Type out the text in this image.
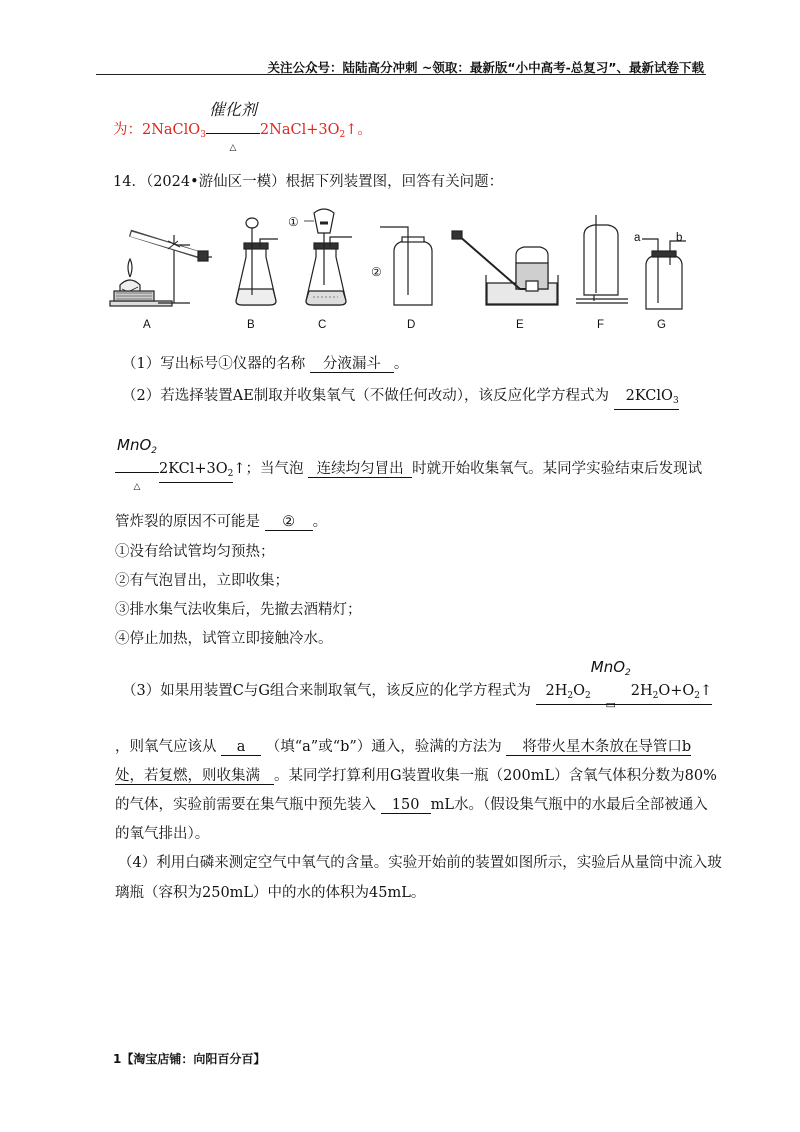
关注公众号：陆陆高分冲刺 ~领取：最新版“小中高考-总复习”、最新试卷下载
为：2NaClO$_3$
催化剂
△
$2NaCl+3O_2↑$。
14．（2024•游仙区一模）根据下列装置图，回答有关问题：
①
②
a	b
A	B	C	D	E	F	G
（1）写出标号①仪器的名称 分液漏斗 。
（2）若选择装置AE制取并收集氧气（不做任何改动），该反应化学方程式为 2KClO$_3$
MnO$_2$
△
$2KCl+3O_2↑$；当气泡 连续均匀冒出 时就开始收集氧气。某同学实验结束后发现试
管炸裂的原因不可能是 ② 。
①没有给试管均匀预热；
②有气泡冒出，立即收集；
③排水集气法收集后，先撤去酒精灯；
④停止加热，试管立即接触冷水。
（3）如果用装置C与G组合来制取氧气，该反应的化学方程式为 $2H_2O_2$
MnO$_2$
▭
$2H_2O+O_2↑$
，则氧气应该从 a （填“a”或“b”）通入，验满的方法为 将带火星木条放在导管口b
处，若复燃，则收集满 。某同学打算利用G装置收集一瓶（200mL）含氧气体积分数为80%
的气体，实验前需要在集气瓶中预先装入 150 mL水。（假设集气瓶中的水最后全部被通入
的氧气排出）。
（4）利用白磷来测定空气中氧气的含量。实验开始前的装置如图所示，实验后从量筒中流入玻
璃瓶（容积为250mL）中的水的体积为45mL。
1【淘宝店铺：向阳百分百】
